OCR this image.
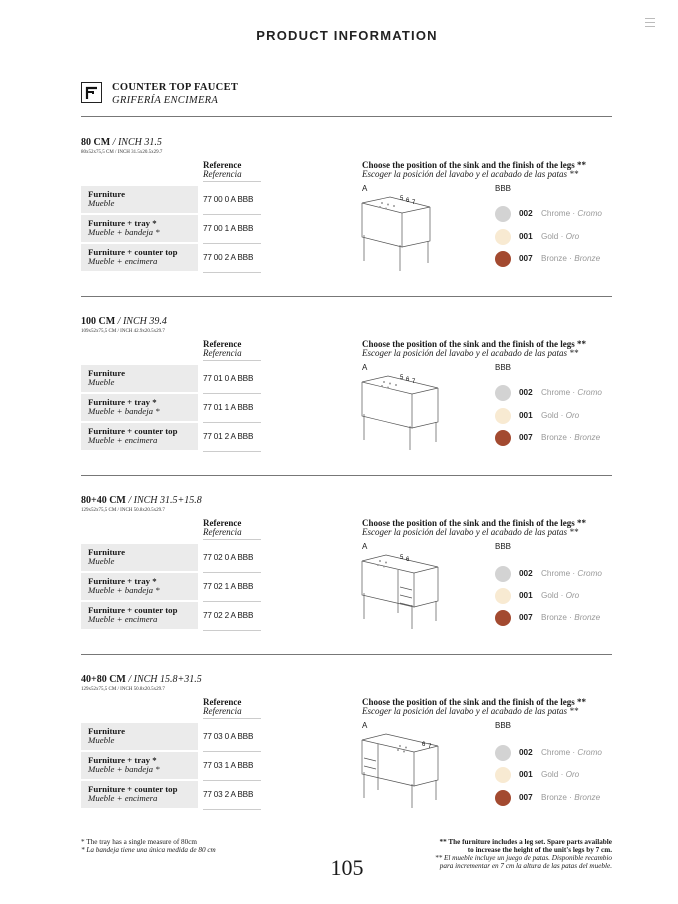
PRODUCT INFORMATION
COUNTER TOP FAUCET
GRIFERÍA ENCIMERA
80 CM / INCH 31.5
80x52x75,5 CM / INCH 31.5x20.5x29.7
Reference
Referencia
Furniture
Mueble	77 00 0 A BBB
Furniture + tray *
Mueble + bandeja *	77 00 1 A BBB
Furniture + counter top
Mueble + encimera	77 00 2 A BBB
Choose the position of the sink and the finish of the legs **
Escoger la posición del lavabo y el acabado de las patas **
A	BBB
5 6 7
002 Chrome · Cromo
001 Gold · Oro
007 Bronze · Bronze
100 CM / INCH 39.4
109x52x75,5 CM / INCH 42.9x20.5x29.7
Reference
Referencia
Furniture
Mueble	77 01 0 A BBB
Furniture + tray *
Mueble + bandeja *	77 01 1 A BBB
Furniture + counter top
Mueble + encimera	77 01 2 A BBB
Choose the position of the sink and the finish of the legs **
Escoger la posición del lavabo y el acabado de las patas **
A	BBB
5 6 7
002 Chrome · Cromo
001 Gold · Oro
007 Bronze · Bronze
80+40 CM / INCH 31.5+15.8
129x52x75,5 CM / INCH 50.8x20.5x29.7
Reference
Referencia
Furniture
Mueble	77 02 0 A BBB
Furniture + tray *
Mueble + bandeja *	77 02 1 A BBB
Furniture + counter top
Mueble + encimera	77 02 2 A BBB
Choose the position of the sink and the finish of the legs **
Escoger la posición del lavabo y el acabado de las patas **
A	BBB
5 6
002 Chrome · Cromo
001 Gold · Oro
007 Bronze · Bronze
40+80 CM / INCH 15.8+31.5
129x52x75,5 CM / INCH 50.8x20.5x29.7
Reference
Referencia
Furniture
Mueble	77 03 0 A BBB
Furniture + tray *
Mueble + bandeja *	77 03 1 A BBB
Furniture + counter top
Mueble + encimera	77 03 2 A BBB
Choose the position of the sink and the finish of the legs **
Escoger la posición del lavabo y el acabado de las patas **
A	BBB
6 7
002 Chrome · Cromo
001 Gold · Oro
007 Bronze · Bronze
* The tray has a single measure of 80cm
* La bandeja tiene una única medida de 80 cm
** The furniture includes a leg set. Spare parts available
to increase the height of the unit's legs by 7 cm.
** El mueble incluye un juego de patas. Disponible recambio
para incrementar en 7 cm la altura de las patas del mueble.
105
